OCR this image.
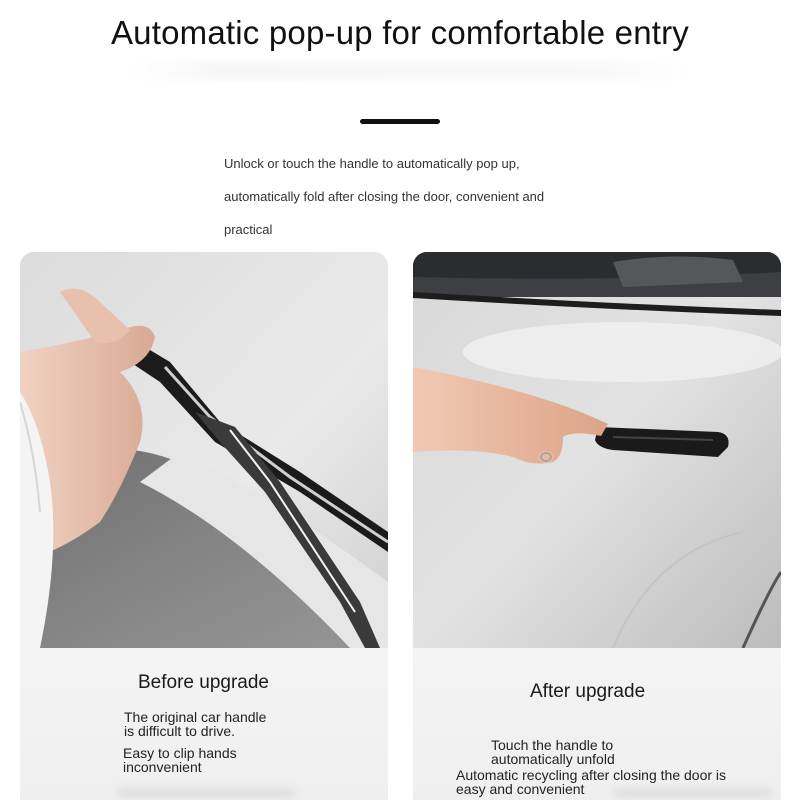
Automatic pop-up for comfortable entry
Unlock or touch the handle to automatically pop up,
automatically fold after closing the door, convenient and
practical
Before upgrade
The original car handle
is difficult to drive.
Easy to clip hands
inconvenient
After upgrade
Touch the handle to
automatically unfold
Automatic recycling after closing the door is
easy and convenient
